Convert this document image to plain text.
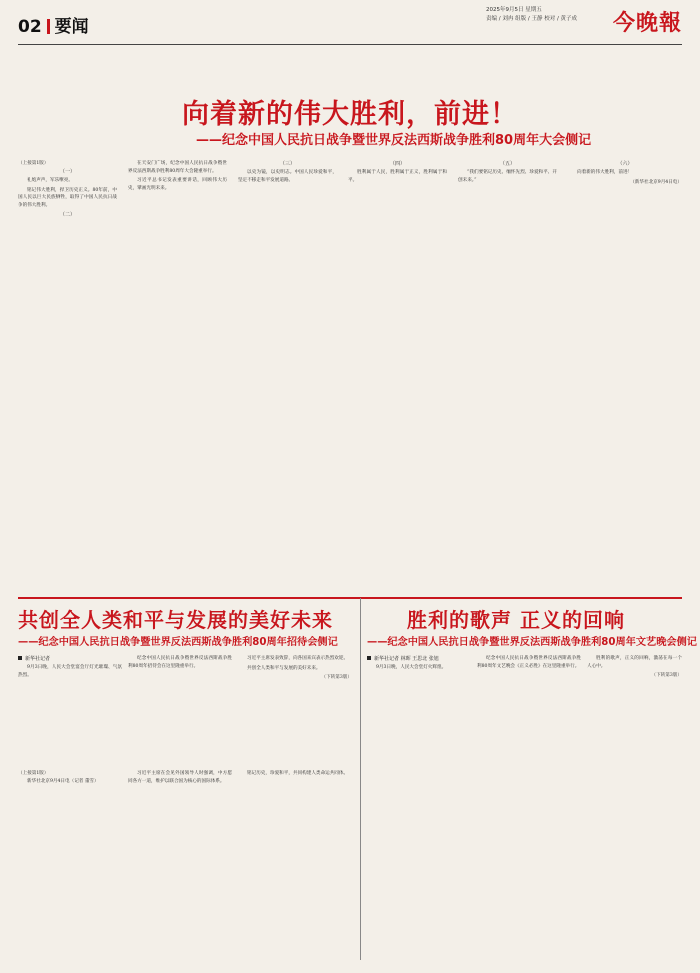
02 要闻
2025年9月5日 星期五
责编 / 刘冉 组版 / 王静 校对 / 黄子成 今晚報
向着新的伟大胜利，前进！
——纪念中国人民抗日战争暨世界反法西斯战争胜利80周年大会侧记
（上接第1版）
（一）

礼炮声声，军乐嘹亮。

铭记伟大胜利，捍卫历史正义。80年前，中国人民以巨大民族牺牲，取得了中国人民抗日战争的伟大胜利。

（二）

在天安门广场，纪念中国人民抗日战争暨世界反法西斯战争胜利80周年大会隆重举行。

习近平总书记发表重要讲话，回顾伟大历史，擘画光明未来。

（三）

以史为镜，以史明志。中国人民珍爱和平，坚定不移走和平发展道路。

（四）

胜利属于人民，胜利属于正义，胜利属于和平。

（五）

“我们要铭记历史、缅怀先烈、珍爱和平、开创未来。”

（六）

向着新的伟大胜利，前进！

（新华社北京9月4日电）

共创全人类和平与发展的美好未来
——纪念中国人民抗日战争暨世界反法西斯战争胜利80周年招待会侧记
新华社记者

9月3日晚，人民大会堂宴会厅灯光璀璨、气氛热烈。

纪念中国人民抗日战争暨世界反法西斯战争胜利80周年招待会在这里隆重举行。

习近平主席发表致辞，向各国来宾表示热烈欢迎。

共创全人类和平与发展的美好未来。

（下转第3版）
胜利的歌声 正义的回响
——纪念中国人民抗日战争暨世界反法西斯战争胜利80周年文艺晚会侧记
新华社记者 林晖 王思北 张旭

9月3日晚，人民大会堂灯火辉煌。

纪念中国人民抗日战争暨世界反法西斯战争胜利80周年文艺晚会《正义必胜》在这里隆重举行。

胜利的歌声，正义的回响，激荡在每一个人心中。

（下转第3版）
（上接第1版）

新华社北京9月4日电（记者 董雪）

习近平主席在会见外国领导人时强调，中方愿同各方一道，维护以联合国为核心的国际体系。

铭记历史，珍爱和平，共同构建人类命运共同体。
